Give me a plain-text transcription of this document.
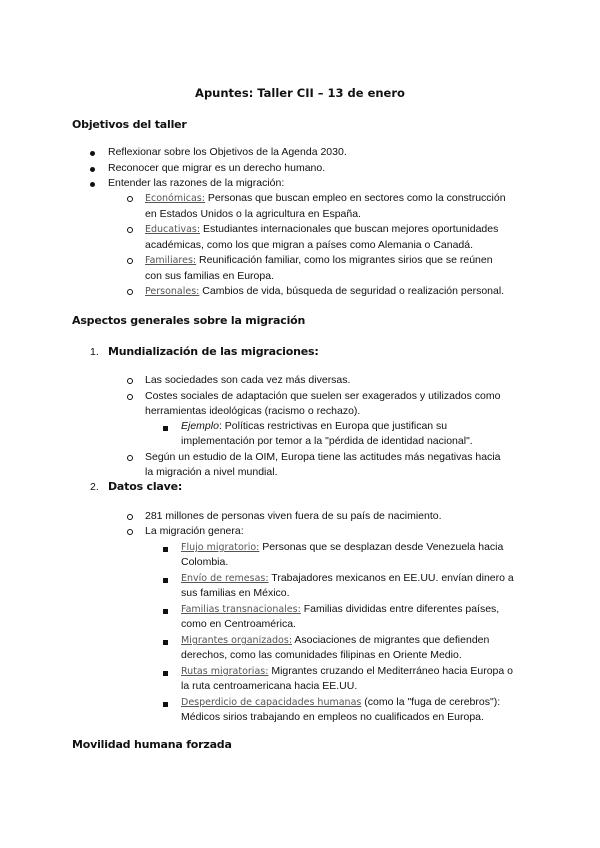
Apuntes: Taller CII – 13 de enero
Objetivos del taller
Reflexionar sobre los Objetivos de la Agenda 2030.
Reconocer que migrar es un derecho humano.
Entender las razones de la migración:
Económicas: Personas que buscan empleo en sectores como la construcción
en Estados Unidos o la agricultura en España.
Educativas: Estudiantes internacionales que buscan mejores oportunidades
académicas, como los que migran a países como Alemania o Canadá.
Familiares: Reunificación familiar, como los migrantes sirios que se reúnen
con sus familias en Europa.
Personales: Cambios de vida, búsqueda de seguridad o realización personal.
Aspectos generales sobre la migración
1. Mundialización de las migraciones:
Las sociedades son cada vez más diversas.
Costes sociales de adaptación que suelen ser exagerados y utilizados como
herramientas ideológicas (racismo o rechazo).
Ejemplo: Políticas restrictivas en Europa que justifican su
implementación por temor a la "pérdida de identidad nacional".
Según un estudio de la OIM, Europa tiene las actitudes más negativas hacia
la migración a nivel mundial.
2. Datos clave:
281 millones de personas viven fuera de su país de nacimiento.
La migración genera:
Flujo migratorio: Personas que se desplazan desde Venezuela hacia
Colombia.
Envío de remesas: Trabajadores mexicanos en EE.UU. envían dinero a
sus familias en México.
Familias transnacionales: Familias divididas entre diferentes países,
como en Centroamérica.
Migrantes organizados: Asociaciones de migrantes que defienden
derechos, como las comunidades filipinas en Oriente Medio.
Rutas migratorias: Migrantes cruzando el Mediterráneo hacia Europa o
la ruta centroamericana hacia EE.UU.
Desperdicio de capacidades humanas (como la "fuga de cerebros"):
Médicos sirios trabajando en empleos no cualificados en Europa.
Movilidad humana forzada
